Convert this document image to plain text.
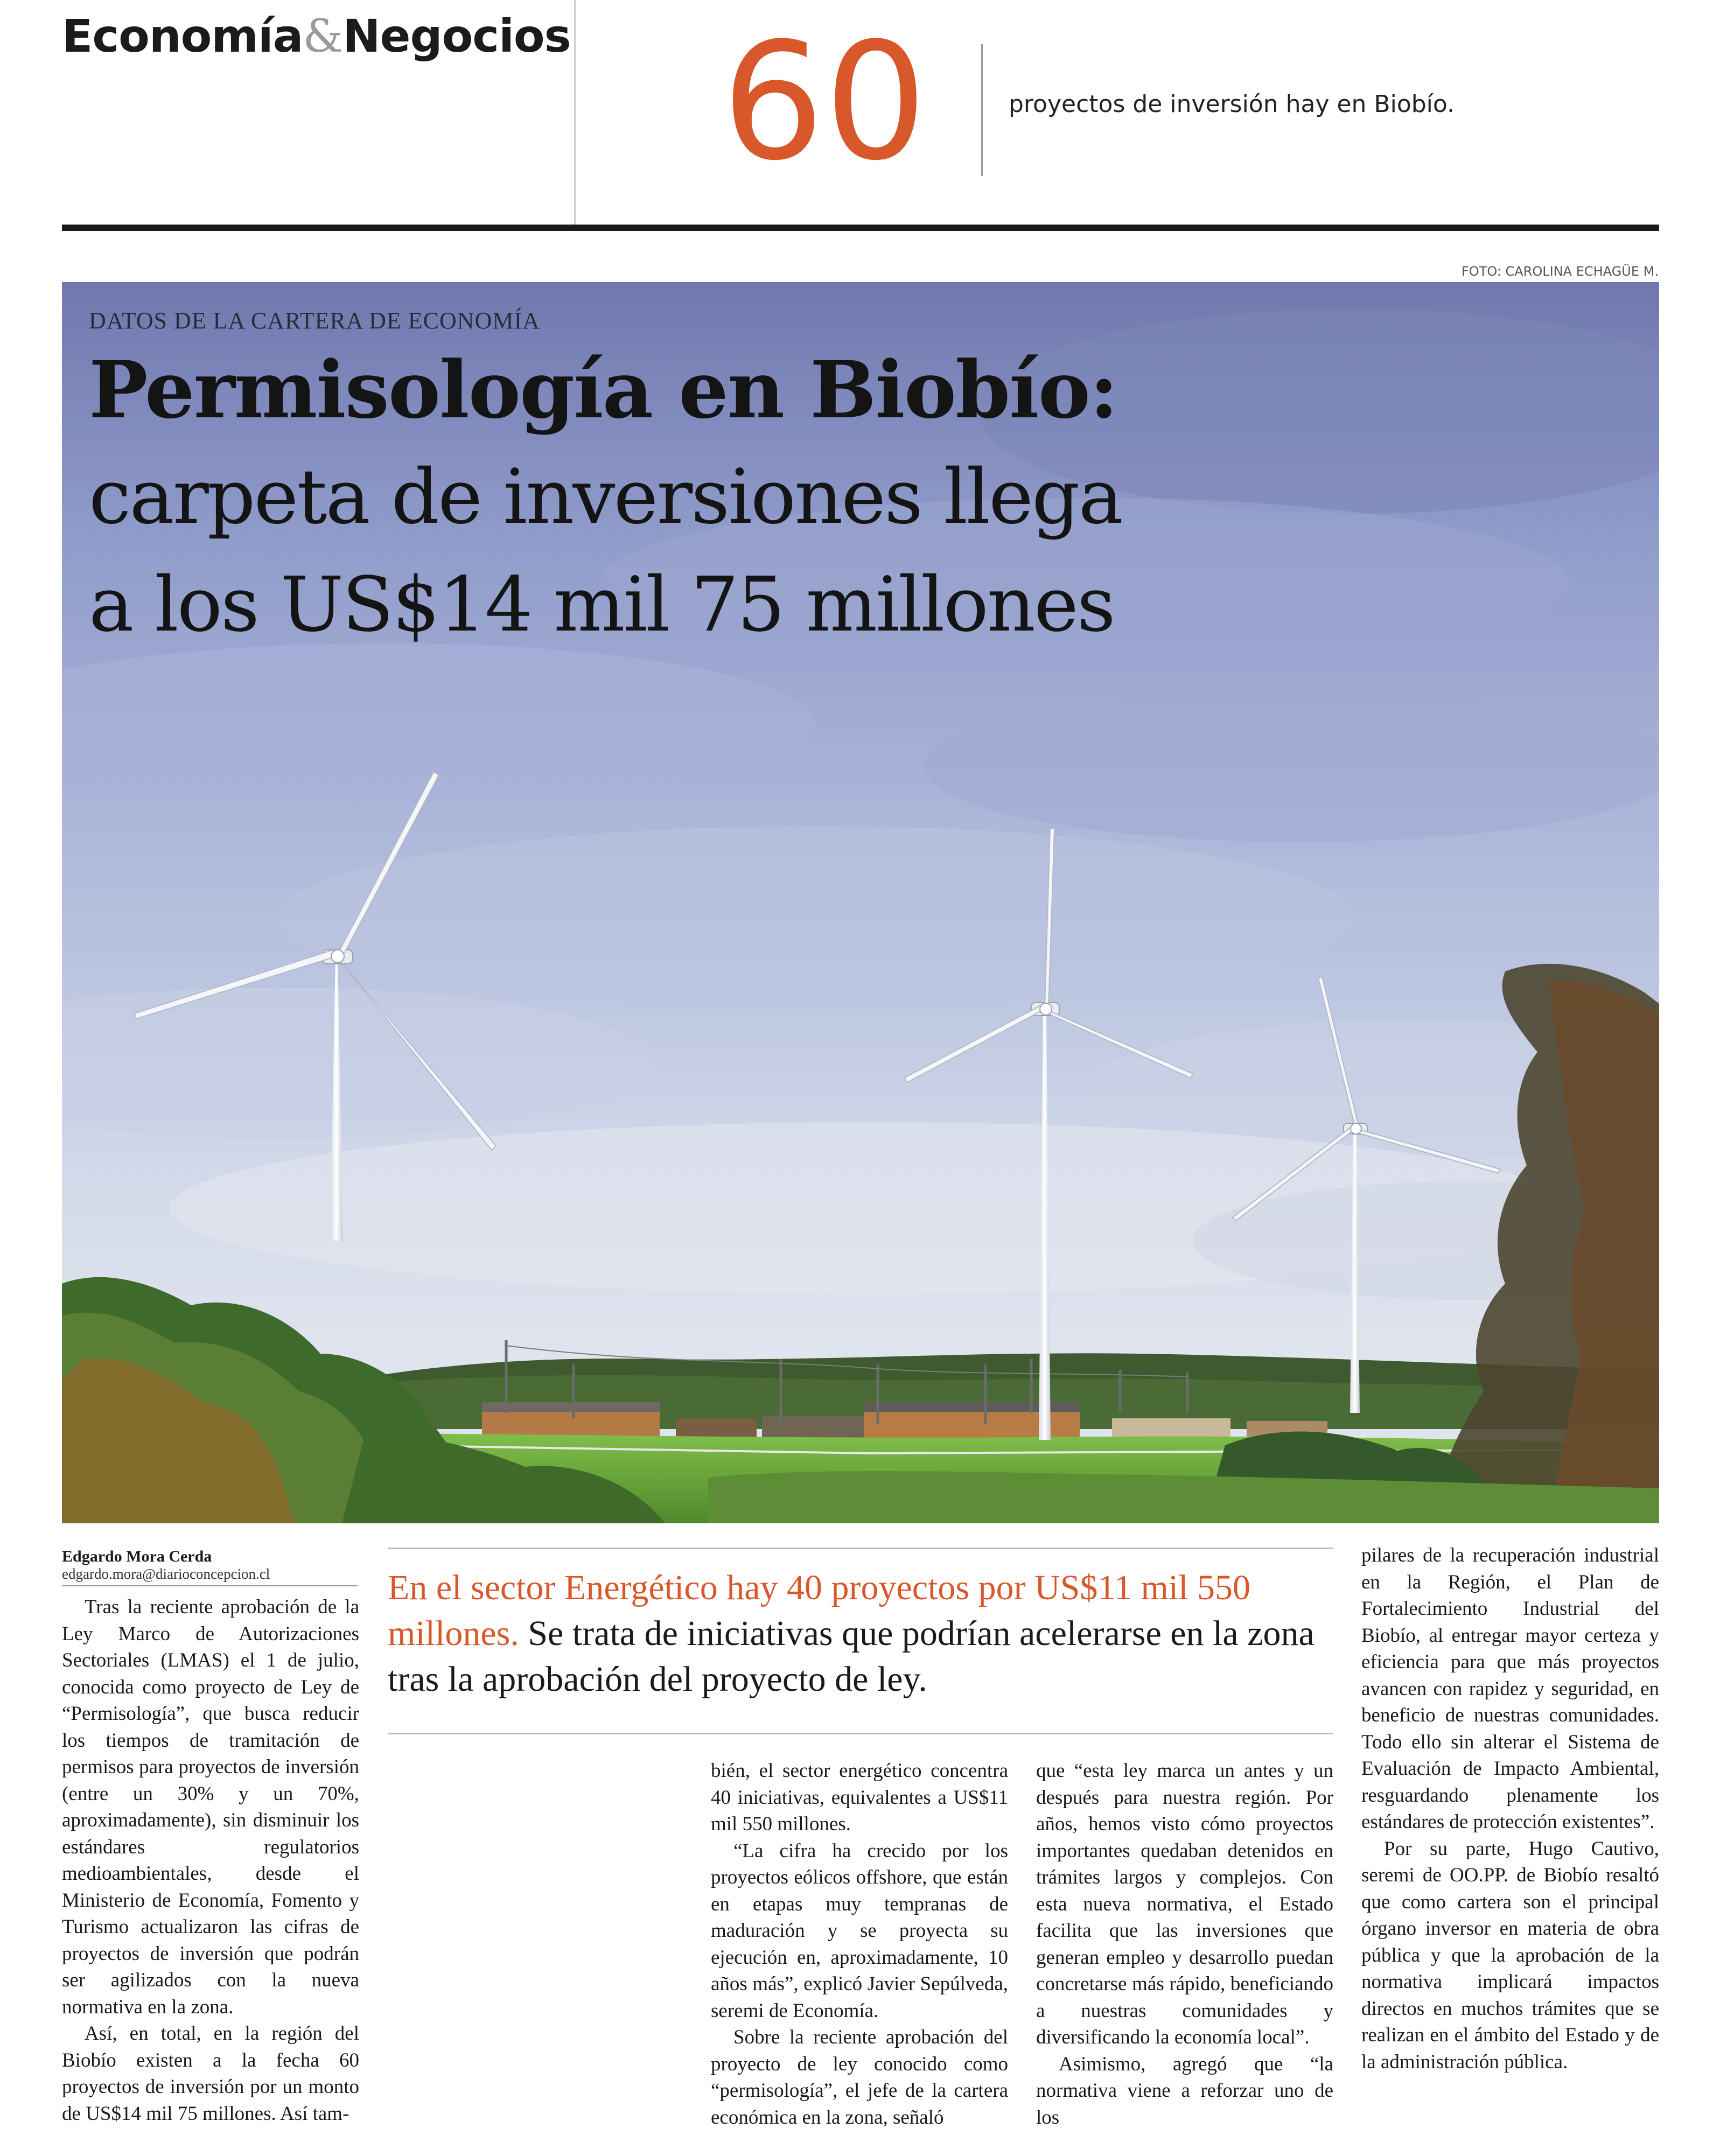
Economía&Negocios 60	proyectos de inversión hay en Biobío.
FOTO: CAROLINA ECHAGÜE M.
DATOS DE LA CARTERA DE ECONOMÍA
Permisología en Biobío:
carpeta de inversiones llega
a los US$14 mil 75 millones
Edgardo Mora Cerda
edgardo.mora@diarioconcepcion.cl	En el sector Energético hay 40 proyectos por US$11 mil 550 millones. Se trata de iniciativas que podrían acelerarse en la zona tras la aprobación del proyecto de ley.

Tras la reciente aprobación de la Ley Marco de Autorizaciones Sectoriales (LMAS) el 1 de julio, conocida como proyecto de Ley de “Permisología”, que busca reducir los tiempos de tramitación de permisos para proyectos de inversión (entre un 30% y un 70%, aproximadamente), sin disminuir los estándares regulatorios medioambientales, desde el Ministerio de Economía, Fomento y Turismo actualizaron las cifras de proyectos de inversión que podrán ser agilizados con la nueva normativa en la zona.

Así, en total, en la región del Biobío existen a la fecha 60 proyectos de inversión por un monto de US$14 mil 75 millones. Así tam-

bién, el sector energético concentra 40 iniciativas, equivalentes a US$11 mil 550 millones.

“La cifra ha crecido por los proyectos eólicos offshore, que están en etapas muy tempranas de maduración y se proyecta su ejecución en, aproximadamente, 10 años más”, explicó Javier Sepúlveda, seremi de Economía.

Sobre la reciente aprobación del proyecto de ley conocido como “permisología”, el jefe de la cartera económica en la zona, señaló

que “esta ley marca un antes y un después para nuestra región. Por años, hemos visto cómo proyectos importantes quedaban detenidos en trámites largos y complejos. Con esta nueva normativa, el Estado facilita que las inversiones que generan empleo y desarrollo puedan concretarse más rápido, beneficiando a nuestras comunidades y diversificando la economía local”.

Asimismo, agregó que “la normativa viene a reforzar uno de los

pilares de la recuperación industrial en la Región, el Plan de Fortalecimiento Industrial del Biobío, al entregar mayor certeza y eficiencia para que más proyectos avancen con rapidez y seguridad, en beneficio de nuestras comunidades. Todo ello sin alterar el Sistema de Evaluación de Impacto Ambiental, resguardando plenamente los estándares de protección existentes”.

Por su parte, Hugo Cautivo, seremi de OO.PP. de Biobío resaltó que como cartera son el principal órgano inversor en materia de obra pública y que la aprobación de la normativa implicará impactos directos en muchos trámites que se realizan en el ámbito del Estado y de la administración pública.
